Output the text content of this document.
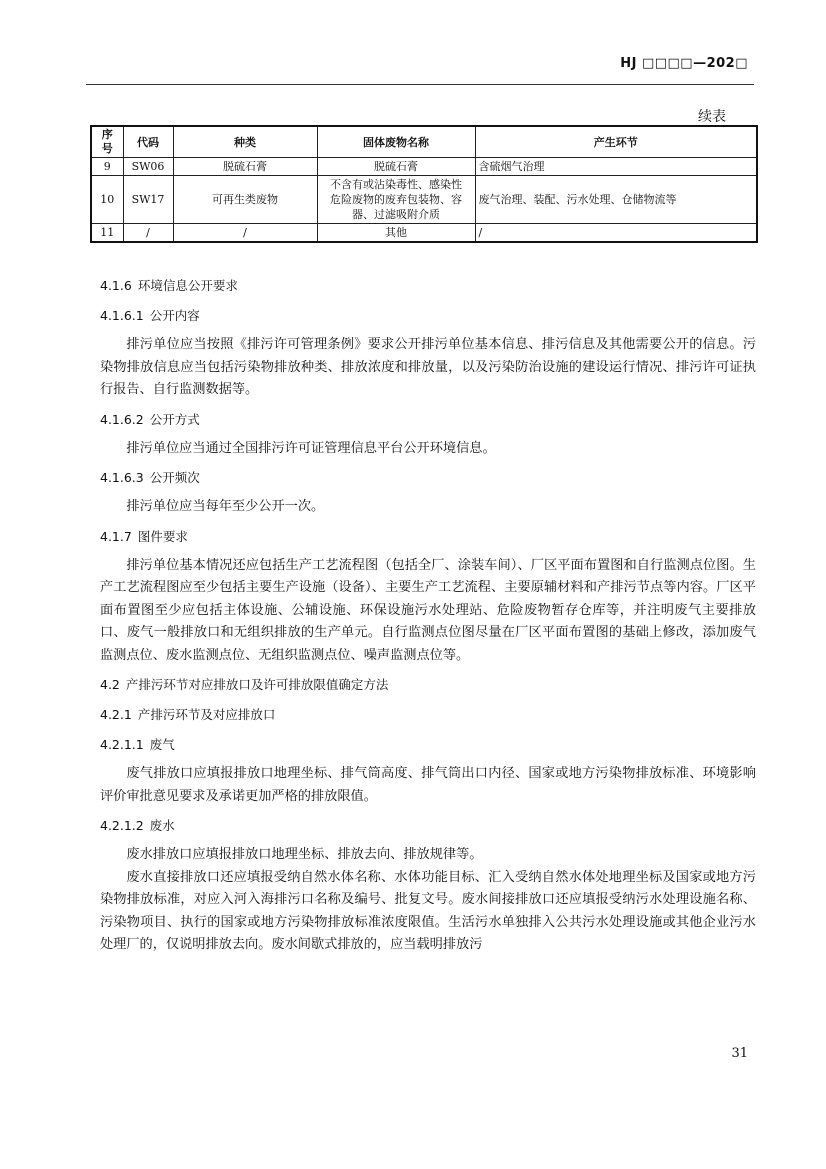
HJ □□□□—202□
续表
序号	代码	种类	固体废物名称	产生环节
9	SW06	脱硫石膏	脱硫石膏	含硫烟气治理
10	SW17	可再生类废物	不含有或沾染毒性、感染性危险废物的废弃包装物、容器、过滤吸附介质	废气治理、装配、污水处理、仓储物流等
11	/	/	其他	/
4.1.6 环境信息公开要求
4.1.6.1 公开内容

排污单位应当按照《排污许可管理条例》要求公开排污单位基本信息、排污信息及其他需要公开的信息。污染物排放信息应当包括污染物排放种类、排放浓度和排放量，以及污染防治设施的建设运行情况、排污许可证执行报告、自行监测数据等。

4.1.6.2 公开方式

排污单位应当通过全国排污许可证管理信息平台公开环境信息。

4.1.6.3 公开频次

排污单位应当每年至少公开一次。

4.1.7 图件要求

排污单位基本情况还应包括生产工艺流程图（包括全厂、涂装车间）、厂区平面布置图和自行监测点位图。生产工艺流程图应至少包括主要生产设施（设备）、主要生产工艺流程、主要原辅材料和产排污节点等内容。厂区平面布置图至少应包括主体设施、公辅设施、环保设施污水处理站、危险废物暂存仓库等，并注明废气主要排放口、废气一般排放口和无组织排放的生产单元。自行监测点位图尽量在厂区平面布置图的基础上修改，添加废气监测点位、废水监测点位、无组织监测点位、噪声监测点位等。

4.2 产排污环节对应排放口及许可排放限值确定方法
4.2.1 产排污环节及对应排放口
4.2.1.1 废气

废气排放口应填报排放口地理坐标、排气筒高度、排气筒出口内径、国家或地方污染物排放标准、环境影响评价审批意见要求及承诺更加严格的排放限值。

4.2.1.2 废水

废水排放口应填报排放口地理坐标、排放去向、排放规律等。

废水直接排放口还应填报受纳自然水体名称、水体功能目标、汇入受纳自然水体处地理坐标及国家或地方污染物排放标准，对应入河入海排污口名称及编号、批复文号。废水间接排放口还应填报受纳污水处理设施名称、污染物项目、执行的国家或地方污染物排放标准浓度限值。生活污水单独排入公共污水处理设施或其他企业污水处理厂的，仅说明排放去向。废水间歇式排放的，应当载明排放污

31
